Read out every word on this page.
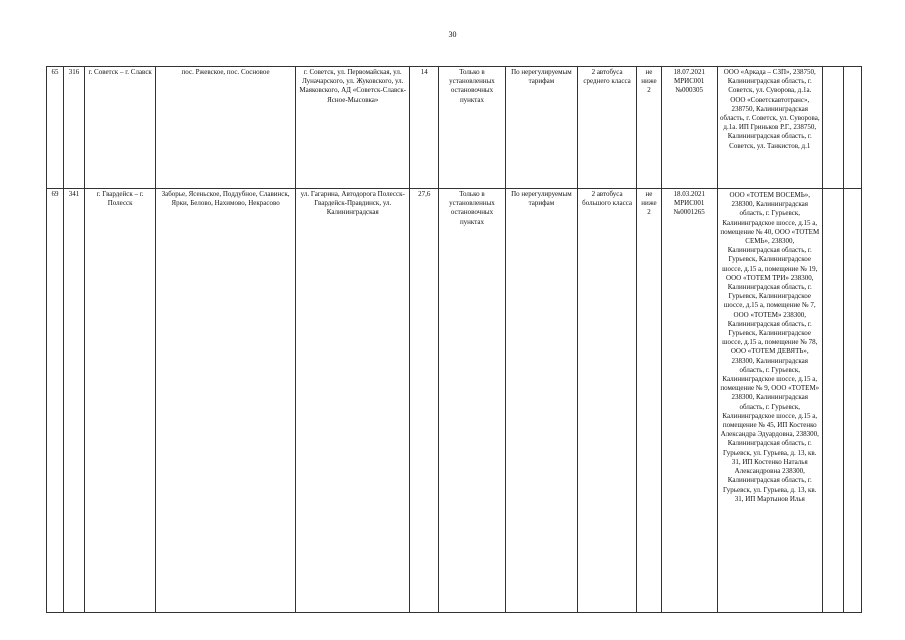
30
65	316	г. Советск – г. Славск	пос. Ржевское, пос. Сосновое	г. Советск, ул. Первомайская, ул. Луначарского, ул. Жуковского, ул. Маяковского, АД «Советск-Славск-Ясное-Мысовка»	14	Только в установленных остановочных пунктах	По нерегулируемым тарифам	2 автобуса среднего класса	не ниже 2	18.07.2021 МРИС001 №000305	ООО «Аркада – СЗП», 238750, Калининградская область, г. Советск, ул. Суворова, д.1а. ООО «Советскавтотранс», 238750, Калининградская область, г. Советск, ул. Суворова, д.1а. ИП Гриньков Р.Г., 238750, Калининградская область, г. Советск, ул. Танкистов, д.1		
69	341	г. Гвардейск – г. Полесск	Заборье, Ясеньское, Поддубное, Славинск, Ярки, Белово, Нахимово, Некрасово	ул. Гагарина, Автодорога Полесск-Гвардейск-Правдинск, ул. Калининградская	27,6	Только в установленных остановочных пунктах	По нерегулируемым тарифам	2 автобуса большого класса	не ниже 2	18.03.2021 МРИС001 №0001265	ООО «ТОТЕМ ВОСЕМЬ», 238300, Калининградская область, г. Гурьевск, Калининградское шоссе, д.15 а, помещение № 40, ООО «ТОТЕМ СЕМЬ», 238300, Калининградская область, г. Гурьевск, Калининградское шоссе, д.15 а, помещение № 19, ООО «ТОТЕМ ТРИ» 238300, Калининградская область, г. Гурьевск, Калининградское шоссе, д.15 а, помещение № 7, ООО «ТОТЕМ» 238300, Калининградская область, г. Гурьевск, Калининградское шоссе, д.15 а, помещение № 78, ООО «ТОТЕМ ДЕВЯТЬ», 238300, Калининградская область, г. Гурьевск, Калининградское шоссе, д.15 а, помещение № 9, ООО «ТОТЕМ» 238300, Калининградская область, г. Гурьевск, Калининградское шоссе, д.15 а, помещение № 45, ИП Костенко Александра Эдуардовна, 238300, Калининградская область, г. Гурьевск, ул. Гурьева, д. 13, кв. 31, ИП Костенко Наталья Александровна 238300, Калининградская область, г. Гурьевск, ул. Гурьева, д. 13, кв. 31, ИП Мартынов Илья		
